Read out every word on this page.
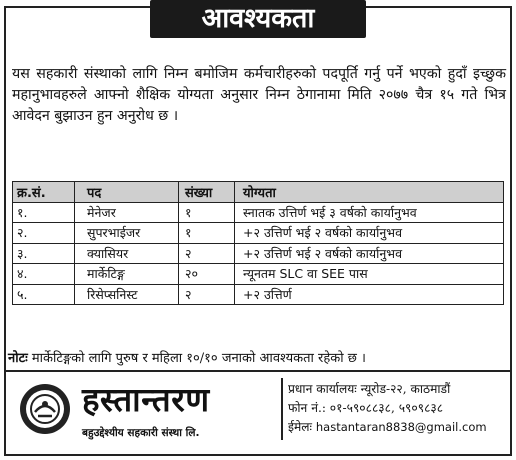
आवश्यकता

यस सहकारी संस्थाको लागि निम्न बमोजिम कर्मचारीहरुको पदपूर्ति गर्नु पर्ने भएको हुदाँ इच्छुक महानुभावहरुले आफ्नो शैक्षिक योग्यता अनुसार निम्न ठेगानामा मिति २०७७ चैत्र १५ गते भित्र आवेदन बुझाउन हुन अनुरोध छ ।

क्र.सं.	पद	संख्या	योग्यता
१.	मेनेजर	१	स्नातक उत्तिर्ण भई ३ वर्षको कार्यानुभव
२.	सुपरभाईजर	१	+२ उत्तिर्ण भई २ वर्षको कार्यानुभव
३.	क्यासियर	२	+२ उत्तिर्ण भई २ वर्षको कार्यानुभव
४.	मार्केटिङ्ग	२०	न्यूनतम SLC वा SEE पास
५.	रिसेप्सनिस्ट	२	+२ उत्तिर्ण
नोटः मार्केटिङ्गको लागि पुरुष र महिला १०/१० जनाको आवश्यकता रहेको छ ।
हस्तान्तरण
बहुउद्देश्यीय सहकारी संस्था लि.
प्रधान कार्यालयः न्यूरोड-२२, काठमाडौं
फोन नं.: ०१-५९०८८३८, ५९०९८३८
ईमेलः hastantaran8838@gmail.com
